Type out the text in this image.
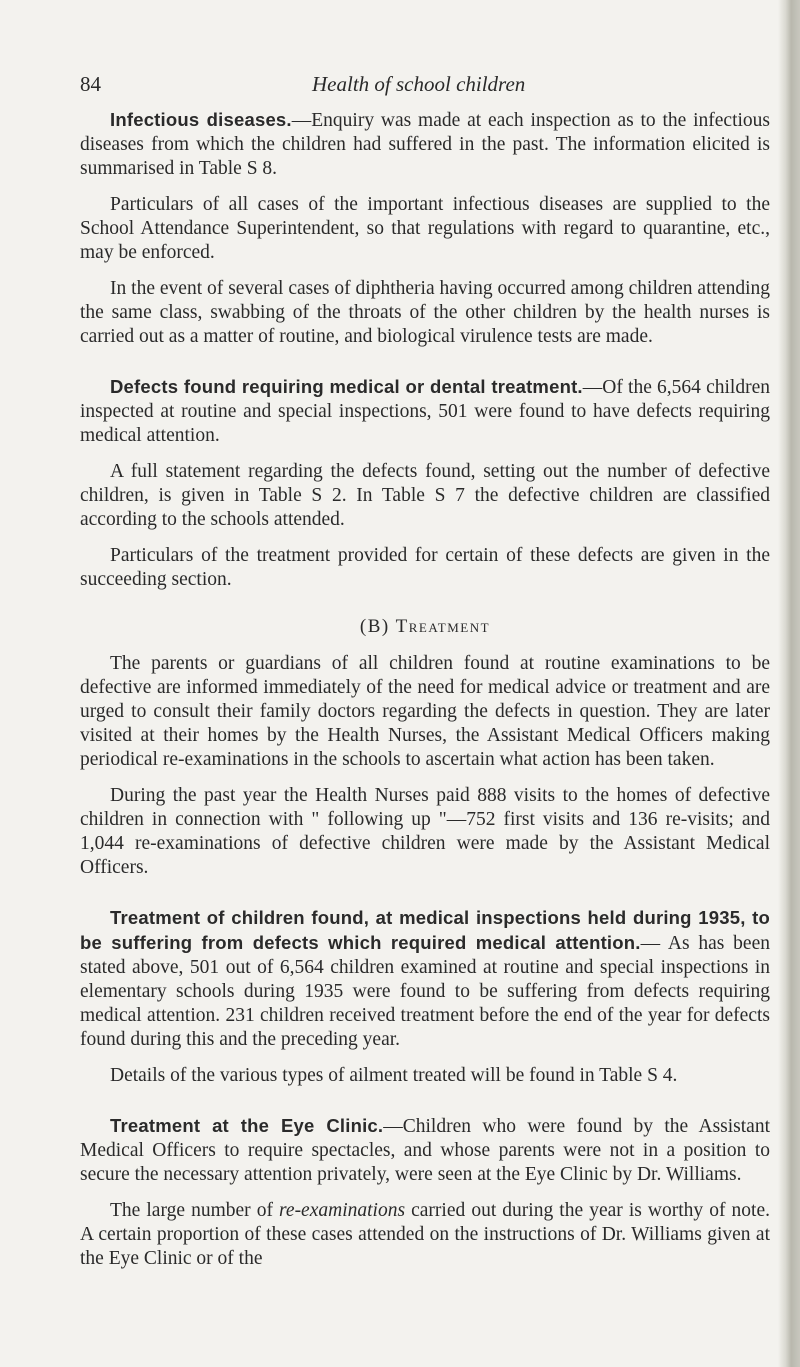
84	Health of school children

Infectious diseases.—Enquiry was made at each inspection as to the infectious diseases from which the children had suffered in the past. The information elicited is summarised in Table S 8.

Particulars of all cases of the important infectious diseases are supplied to the School Attendance Superintendent, so that regulations with regard to quarantine, etc., may be enforced.

In the event of several cases of diphtheria having occurred among children attending the same class, swabbing of the throats of the other children by the health nurses is carried out as a matter of routine, and biological virulence tests are made.

Defects found requiring medical or dental treatment.—Of the 6,564 children inspected at routine and special inspections, 501 were found to have defects requiring medical attention.

A full statement regarding the defects found, setting out the number of defective children, is given in Table S 2. In Table S 7 the defective children are classified according to the schools attended.

Particulars of the treatment provided for certain of these defects are given in the succeeding section.

(B) Treatment

The parents or guardians of all children found at routine examinations to be defective are informed immediately of the need for medical advice or treatment and are urged to consult their family doctors regarding the defects in question. They are later visited at their homes by the Health Nurses, the Assistant Medical Officers making periodical re-examinations in the schools to ascertain what action has been taken.

During the past year the Health Nurses paid 888 visits to the homes of defective children in connection with " following up "—752 first visits and 136 re-visits; and 1,044 re-examinations of defective children were made by the Assistant Medical Officers.

Treatment of children found, at medical inspections held during 1935, to be suffering from defects which required medical attention.— As has been stated above, 501 out of 6,564 children examined at routine and special inspections in elementary schools during 1935 were found to be suffering from defects requiring medical attention. 231 children received treatment before the end of the year for defects found during this and the preceding year.

Details of the various types of ailment treated will be found in Table S 4.

Treatment at the Eye Clinic.—Children who were found by the Assistant Medical Officers to require spectacles, and whose parents were not in a position to secure the necessary attention privately, were seen at the Eye Clinic by Dr. Williams.

The large number of re-examinations carried out during the year is worthy of note. A certain proportion of these cases attended on the instructions of Dr. Williams given at the Eye Clinic or of the
